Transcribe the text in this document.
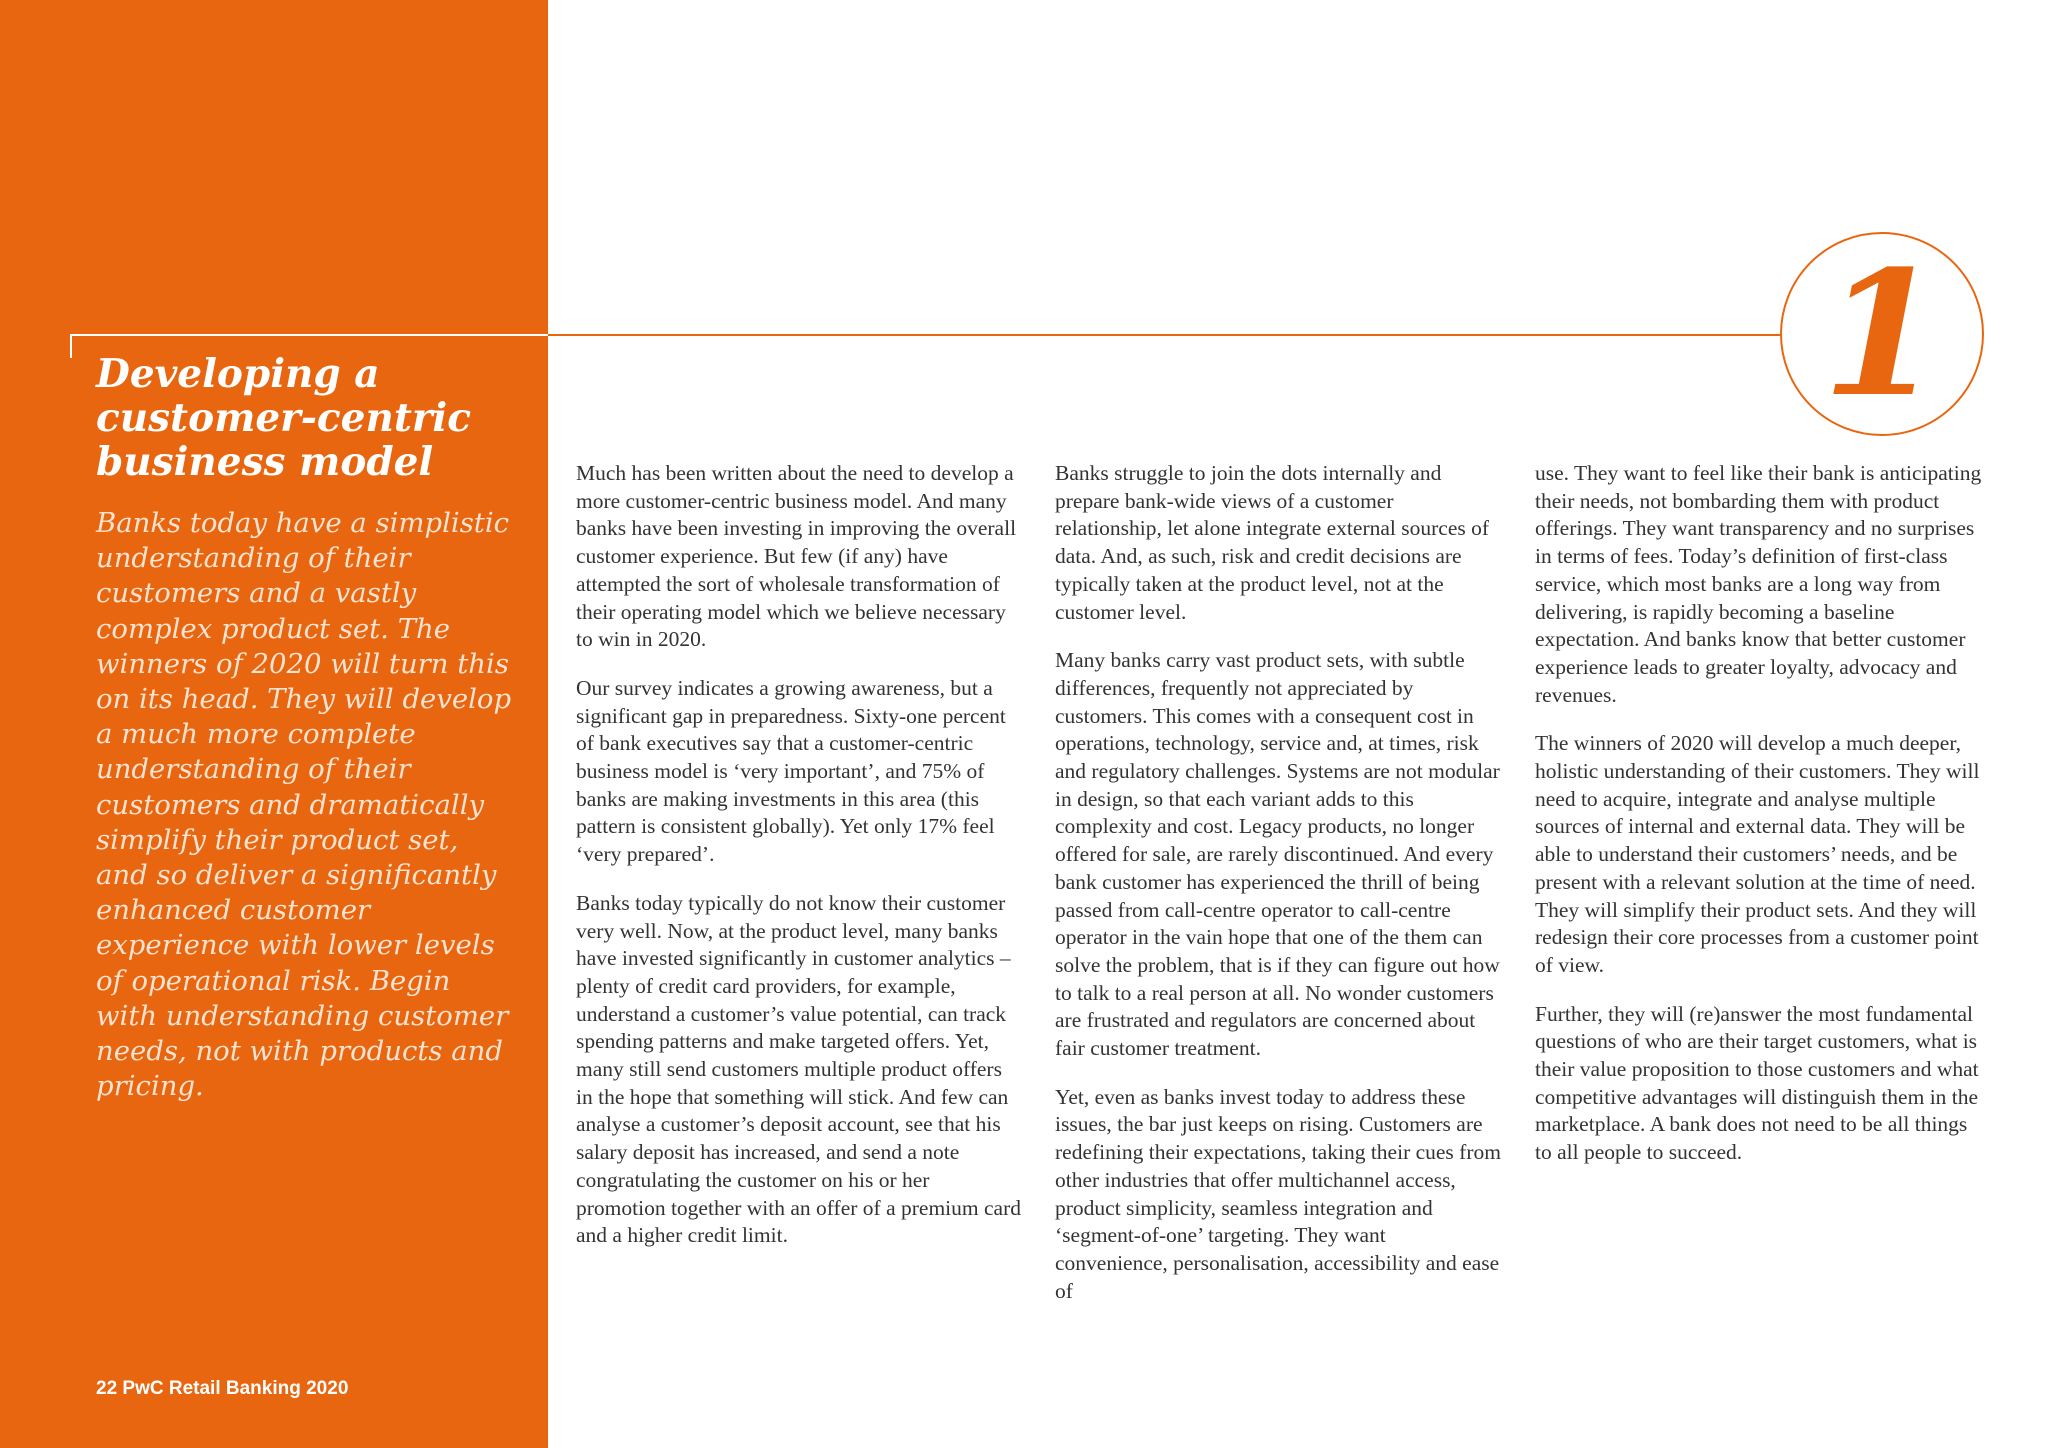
1
Developing a
customer-centric
business model

Banks today have a simplistic understanding of their customers and a vastly complex product set. The winners of 2020 will turn this on its head. They will develop a much more complete understanding of their customers and dramatically simplify their product set, and so deliver a significantly enhanced customer experience with lower levels of operational risk. Begin with understanding customer needs, not with products and pricing.

22 PwC Retail Banking 2020

Much has been written about the need to develop a more customer-centric business model. And many banks have been investing in improving the overall customer experience. But few (if any) have attempted the sort of wholesale transformation of their operating model which we believe necessary to win in 2020.

Our survey indicates a growing awareness, but a significant gap in preparedness. Sixty-one percent of bank executives say that a customer-centric business model is ‘very important’, and 75% of banks are making investments in this area (this pattern is consistent globally). Yet only 17% feel ‘very prepared’.

Banks today typically do not know their customer very well. Now, at the product level, many banks have invested significantly in customer analytics – plenty of credit card providers, for example, understand a customer’s value potential, can track spending patterns and make targeted offers. Yet, many still send customers multiple product offers in the hope that something will stick. And few can analyse a customer’s deposit account, see that his salary deposit has increased, and send a note congratulating the customer on his or her promotion together with an offer of a premium card and a higher credit limit.

Banks struggle to join the dots internally and prepare bank-wide views of a customer relationship, let alone integrate external sources of data. And, as such, risk and credit decisions are typically taken at the product level, not at the customer level.

Many banks carry vast product sets, with subtle differences, frequently not appreciated by customers. This comes with a consequent cost in operations, technology, service and, at times, risk and regulatory challenges. Systems are not modular in design, so that each variant adds to this complexity and cost. Legacy products, no longer offered for sale, are rarely discontinued. And every bank customer has experienced the thrill of being passed from call-centre operator to call-centre operator in the vain hope that one of the them can solve the problem, that is if they can figure out how to talk to a real person at all. No wonder customers are frustrated and regulators are concerned about fair customer treatment.

Yet, even as banks invest today to address these issues, the bar just keeps on rising. Customers are redefining their expectations, taking their cues from other industries that offer multichannel access, product simplicity, seamless integration and ‘segment-of-one’ targeting. They want convenience, personalisation, accessibility and ease of

use. They want to feel like their bank is anticipating their needs, not bombarding them with product offerings. They want transparency and no surprises in terms of fees. Today’s definition of first-class service, which most banks are a long way from delivering, is rapidly becoming a baseline expectation. And banks know that better customer experience leads to greater loyalty, advocacy and revenues.

The winners of 2020 will develop a much deeper, holistic understanding of their customers. They will need to acquire, integrate and analyse multiple sources of internal and external data. They will be able to understand their customers’ needs, and be present with a relevant solution at the time of need. They will simplify their product sets. And they will redesign their core processes from a customer point of view.

Further, they will (re)answer the most fundamental questions of who are their target customers, what is their value proposition to those customers and what competitive advantages will distinguish them in the marketplace. A bank does not need to be all things to all people to succeed.
